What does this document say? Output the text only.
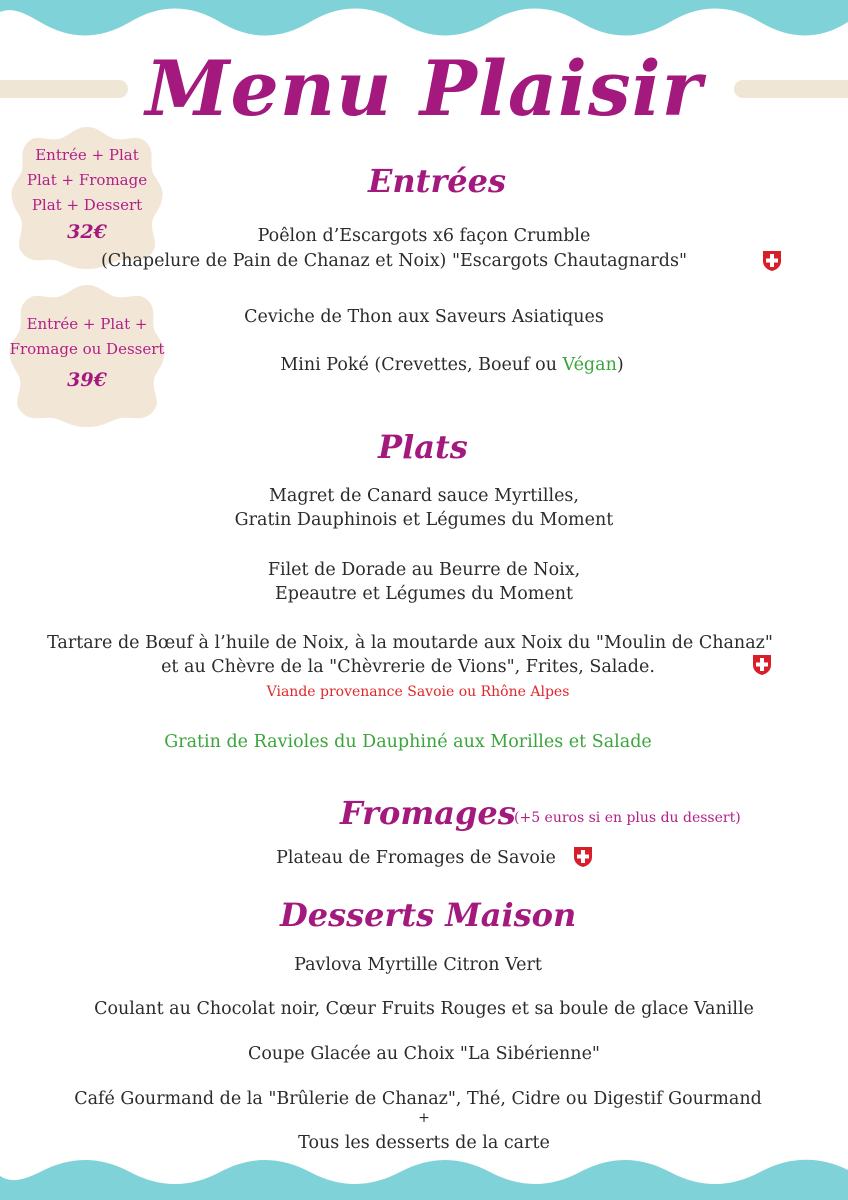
Menu Plaisir
Entrée + Plat
Plat + Fromage
Plat + Dessert
32€
Entrée + Plat +
Fromage ou Dessert
39€
Entrées

Poêlon d’Escargots x6 façon Crumble

(Chapelure de Pain de Chanaz et Noix) "Escargots Chautagnards"

Ceviche de Thon aux Saveurs Asiatiques

Mini Poké (Crevettes, Boeuf ou Végan)

Plats

Magret de Canard sauce Myrtilles,

Gratin Dauphinois et Légumes du Moment

Filet de Dorade au Beurre de Noix,

Epeautre et Légumes du Moment

Tartare de Bœuf à l’huile de Noix, à la moutarde aux Noix du "Moulin de Chanaz"

et au Chèvre de la "Chèvrerie de Vions", Frites, Salade.

Viande provenance Savoie ou Rhône Alpes

Gratin de Ravioles du Dauphiné aux Morilles et Salade

Fromages
(+5 euros si en plus du dessert)

Plateau de Fromages de Savoie

Desserts Maison

Pavlova Myrtille Citron Vert

Coulant au Chocolat noir, Cœur Fruits Rouges et sa boule de glace Vanille

Coupe Glacée au Choix "La Sibérienne"

Café Gourmand de la "Brûlerie de Chanaz", Thé, Cidre ou Digestif Gourmand

+

Tous les desserts de la carte
